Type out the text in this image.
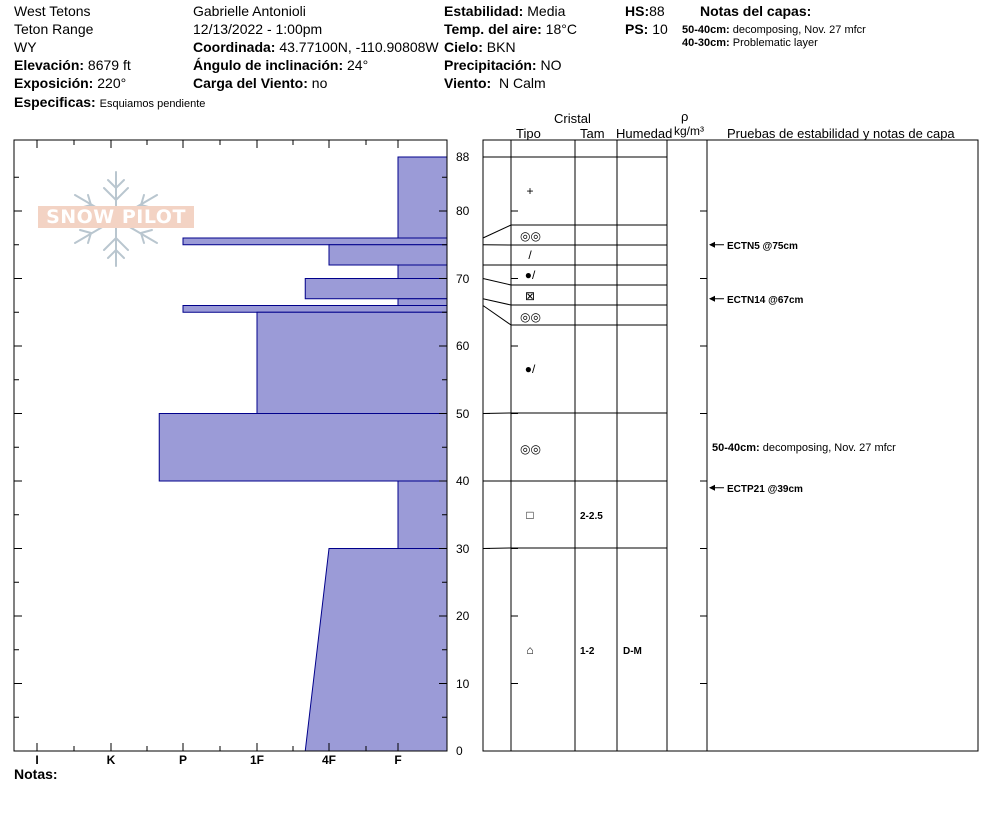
West Tetons
Teton Range
WY
Elevación: 8679 ft
Exposición: 220°
Especificas: Esquiamos pendiente
Gabrielle Antonioli
12/13/2022 - 1:00pm
Coordinada: 43.77100N, -110.90808W
Ángulo de inclinación: 24°
Carga del Viento: no
Estabilidad: Media
Temp. del aire: 18°C
Cielo: BKN
Precipitación: NO
Viento: N Calm
HS:88
PS: 10
Notas del capas:
50-40cm: decomposing, Nov. 27 mfcr
40-30cm: Problematic layer
Cristal
Tipo	Tam Humedad
ρ
kg/m³ Pruebas de estabilidad y notas de capa
SNOW PILOT
I	K	P	1F	4F	F
0
10
20
30
40
50
60
70
80
88
+
◎◎
/
●/
⊠
◎◎
●/
◎◎
□	2-2.5
⌂	1-2	D-M
ECTN5 @75cm
ECTN14 @67cm
ECTP21 @39cm
50-40cm: decomposing, Nov. 27 mfcr
Notas:
